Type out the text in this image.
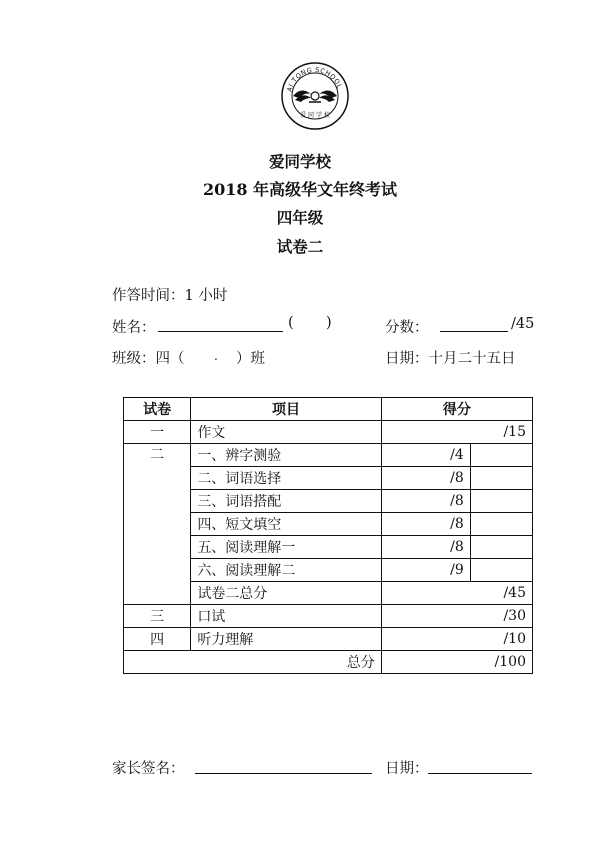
AI TONG SCHOOL
爱 同 学 校
爱同学校
2018 年高级华文年终考试
四年级
试卷二
作答时间：1 小时
姓名：	( )	分数：	/45
班级：四（ . ）班	日期：十月二十五日
试卷	项目	得分	
一	作文	/15	
二	一、辨字测验	/4	
	二、词语选择	/8	
	三、词语搭配	/8	
	四、短文填空	/8	
	五、阅读理解一	/8	
	六、阅读理解二	/9	
	试卷二总分	/45	
三	口试	/30	
四	听力理解	/10	
总分		/100	
家长签名：	日期：
